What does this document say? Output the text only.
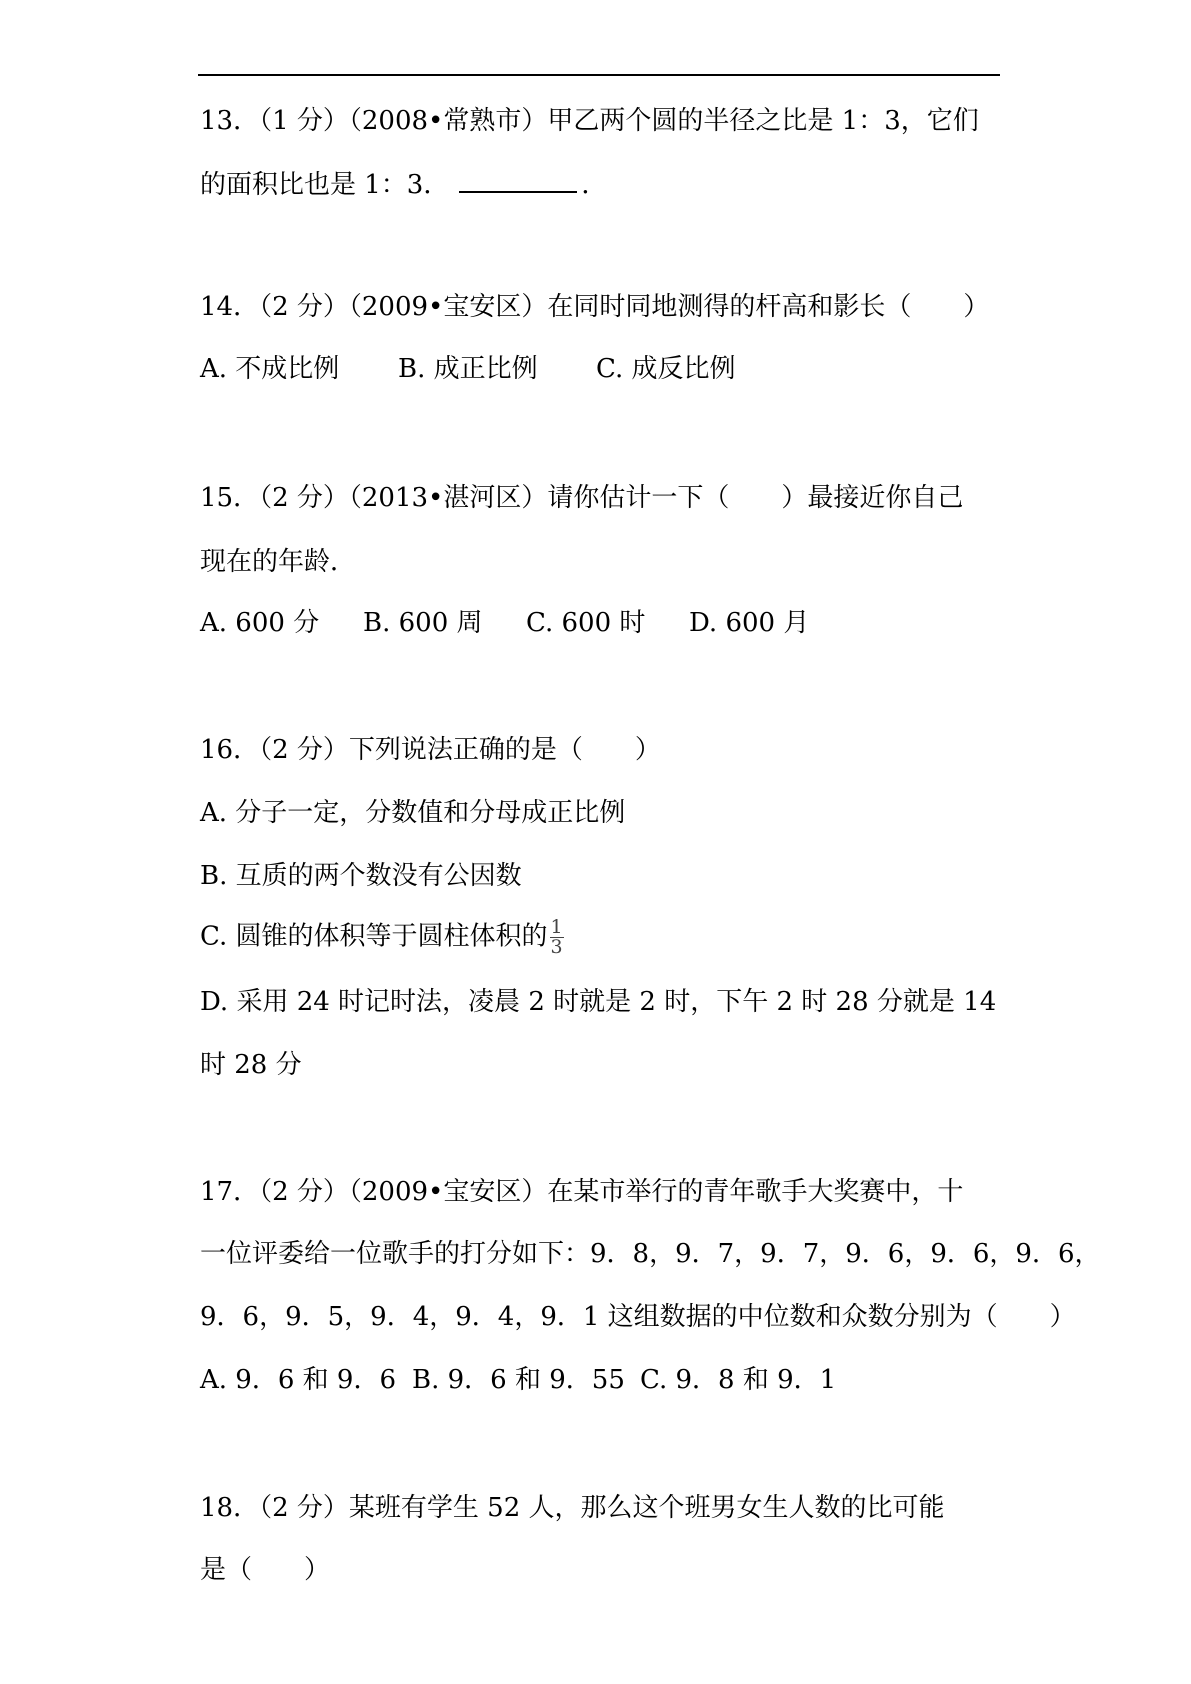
13．（1 分）（2008•常熟市）甲乙两个圆的半径之比是 1：3，它们
的面积比也是 1：3．	．
14．（2 分）（2009•宝安区）在同时同地测得的杆高和影长（　　）
A. 不成比例 B. 成正比例 C. 成反比例
15．（2 分）（2013•湛河区）请你估计一下（　　）最接近你自己
现在的年龄．
A. 600 分 B. 600 周 C. 600 时 D. 600 月
16．（2 分）下列说法正确的是（　　）
A. 分子一定，分数值和分母成正比例
B. 互质的两个数没有公因数
C. 圆锥的体积等于圆柱体积的 $\frac{1}{3}$
D. 采用 24 时记时法，凌晨 2 时就是 2 时，下午 2 时 28 分就是 14
时 28 分
17．（2 分）（2009•宝安区）在某市举行的青年歌手大奖赛中，十
一位评委给一位歌手的打分如下：9．8，9．7，9．7，9．6，9．6，9．6，
9．6，9．5，9．4，9．4，9．1 这组数据的中位数和众数分别为（　　）
A. 9．6 和 9．6 B. 9．6 和 9．55 C. 9．8 和 9．1
18．（2 分）某班有学生 52 人，那么这个班男女生人数的比可能
是（　　）
